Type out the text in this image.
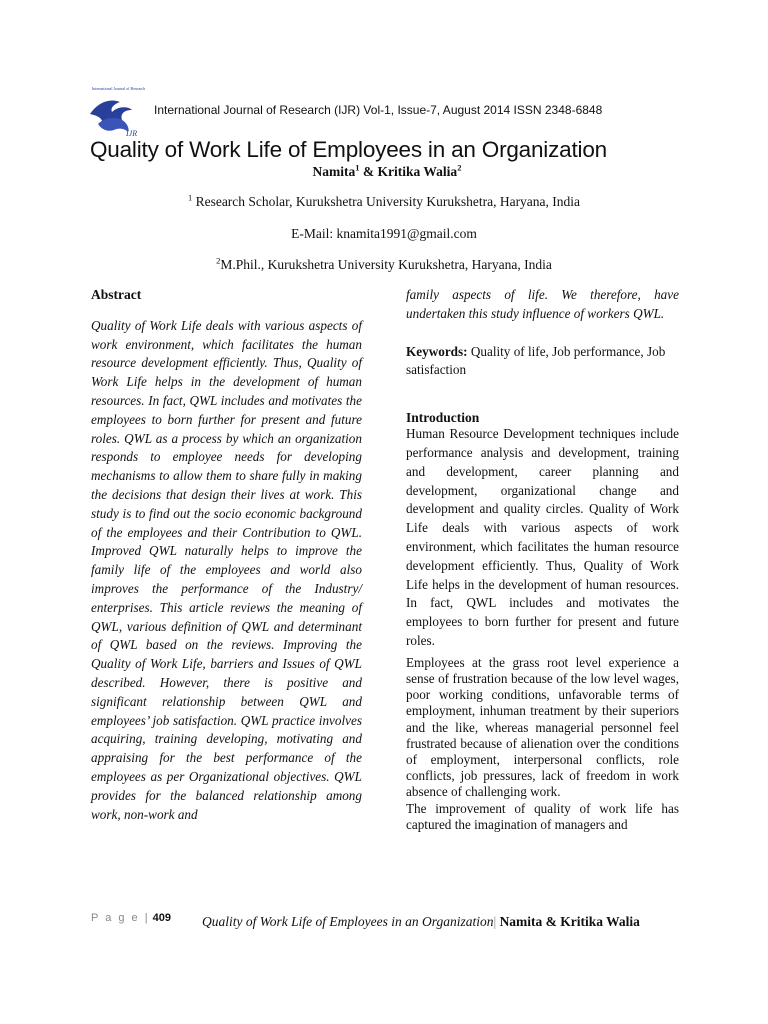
International Journal of Research
IJR
International Journal of Research (IJR) Vol-1, Issue-7, August 2014 ISSN 2348-6848
Quality of Work Life of Employees in an Organization
Namita$^1$ & Kritika Walia$^2$
$^1$ Research Scholar, Kurukshetra University Kurukshetra, Haryana, India
E-Mail: knamita1991@gmail.com
$^2$M.Phil., Kurukshetra University Kurukshetra, Haryana, India

Abstract

Quality of Work Life deals with various aspects of work environment, which facilitates the human resource development efficiently. Thus, Quality of Work Life helps in the development of human resources. In fact, QWL includes and motivates the employees to born further for present and future roles. QWL as a process by which an organization responds to employee needs for developing mechanisms to allow them to share fully in making the decisions that design their lives at work. This study is to find out the socio economic background of the employees and their Contribution to QWL. Improved QWL naturally helps to improve the family life of the employees and world also improves the performance of the Industry/ enterprises. This article reviews the meaning of QWL, various definition of QWL and determinant of QWL based on the reviews. Improving the Quality of Work Life, barriers and Issues of QWL described. However, there is positive and significant relationship between QWL and employees’ job satisfaction. QWL practice involves acquiring, training developing, motivating and appraising for the best performance of the employees as per Organizational objectives. QWL provides for the balanced relationship among work, non-work and

family aspects of life. We therefore, have undertaken this study influence of workers QWL.

Keywords: Quality of life, Job performance, Job satisfaction

Introduction

Human Resource Development techniques include performance analysis and development, training and development, career planning and development, organizational change and development and quality circles. Quality of Work Life deals with various aspects of work environment, which facilitates the human resource development efficiently. Thus, Quality of Work Life helps in the development of human resources. In fact, QWL includes and motivates the employees to born further for present and future roles.

Employees at the grass root level experience a sense of frustration because of the low level wages, poor working conditions, unfavorable terms of employment, inhuman treatment by their superiors and the like, whereas managerial personnel feel frustrated because of alienation over the conditions of employment, interpersonal conflicts, role conflicts, job pressures, lack of freedom in work absence of challenging work.

The improvement of quality of work life has captured the imagination of managers and

P a g e | 409 Quality of Work Life of Employees in an Organization| Namita & Kritika Walia
